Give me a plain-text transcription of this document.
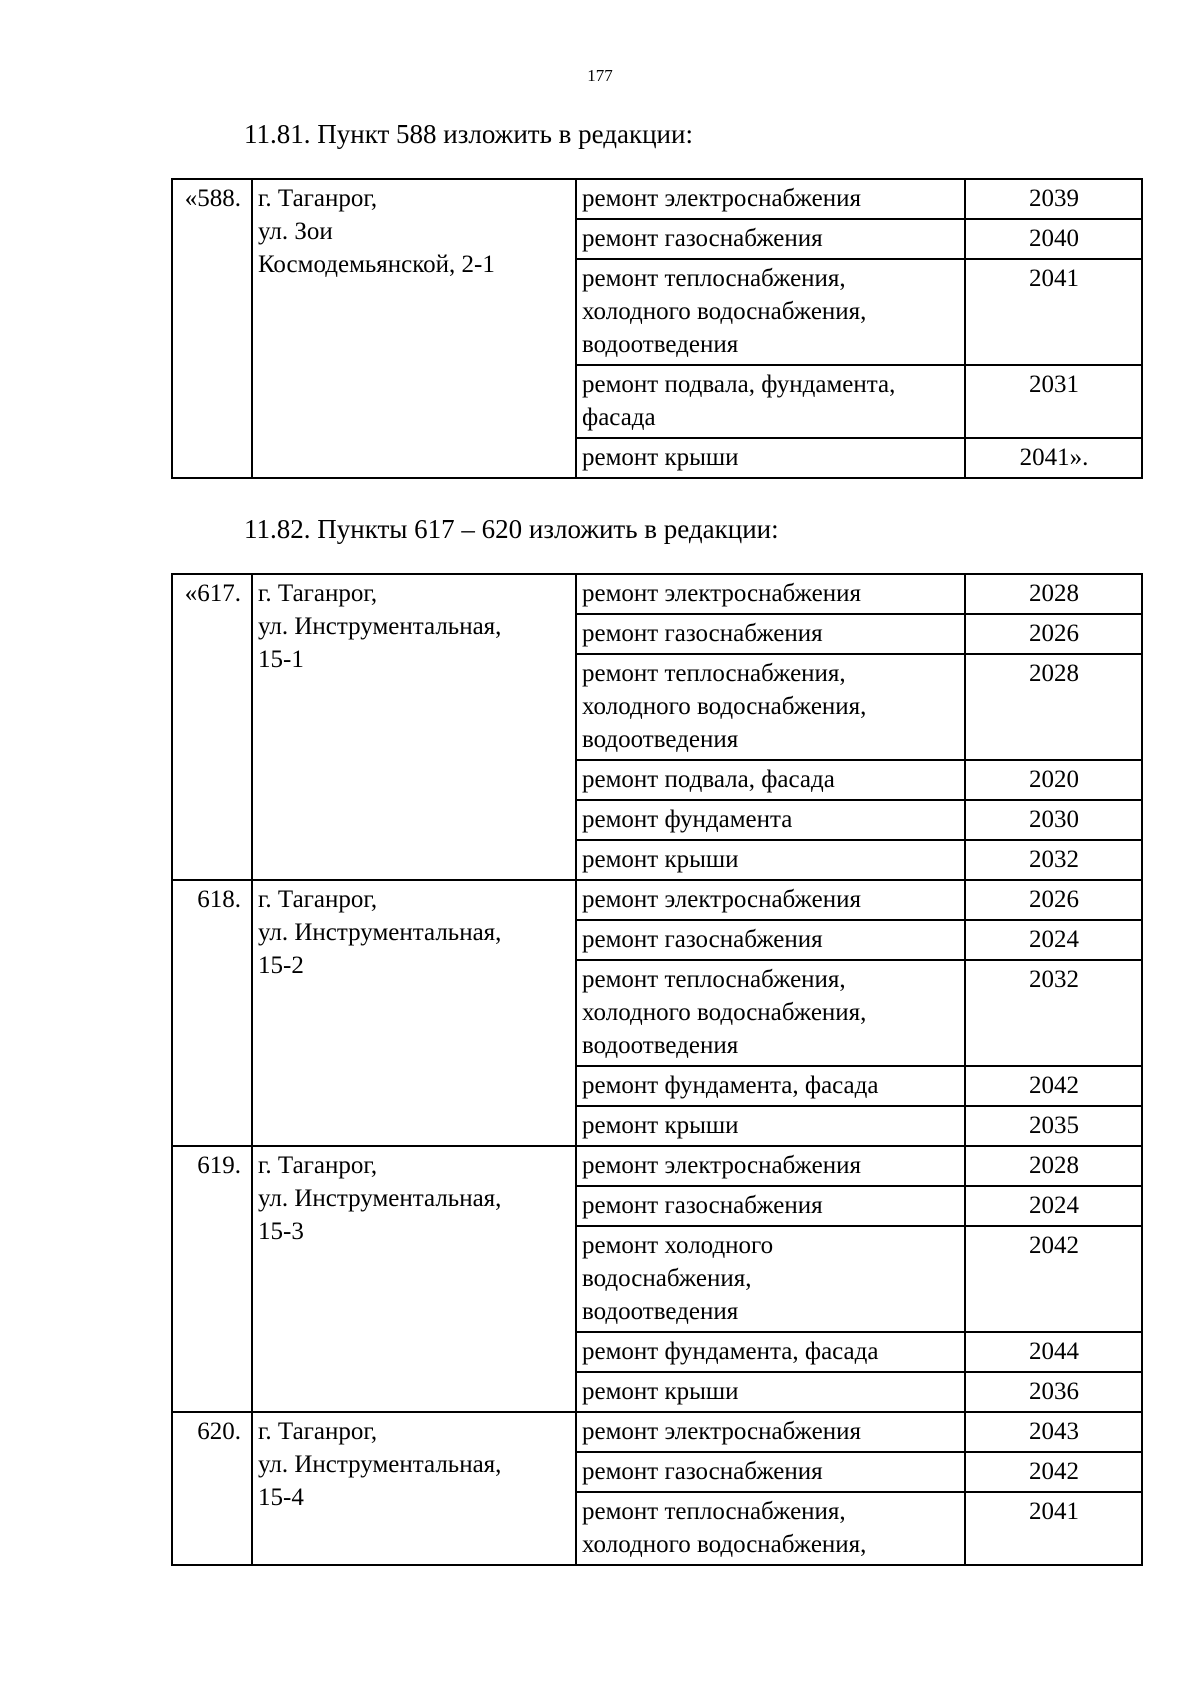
177
11.81. Пункт 588 изложить в редакции:
«588.	г. Таганрог,
ул. Зои
Космодемьянской, 2-1	ремонт электроснабжения	2039
		ремонт газоснабжения	2040
		ремонт теплоснабжения,
холодного водоснабжения,
водоотведения	2041
		ремонт подвала, фундамента,
фасада	2031
		ремонт крыши	2041».
11.82. Пункты 617 – 620 изложить в редакции:
«617.	г. Таганрог,
ул. Инструментальная,
15-1	ремонт электроснабжения	2028
		ремонт газоснабжения	2026
		ремонт теплоснабжения,
холодного водоснабжения,
водоотведения	2028
		ремонт подвала, фасада	2020
		ремонт фундамента	2030
		ремонт крыши	2032
618.	г. Таганрог,
ул. Инструментальная,
15-2	ремонт электроснабжения	2026
		ремонт газоснабжения	2024
		ремонт теплоснабжения,
холодного водоснабжения,
водоотведения	2032
		ремонт фундамента, фасада	2042
		ремонт крыши	2035
619.	г. Таганрог,
ул. Инструментальная,
15-3	ремонт электроснабжения	2028
		ремонт газоснабжения	2024
		ремонт холодного
водоснабжения,
водоотведения	2042
		ремонт фундамента, фасада	2044
		ремонт крыши	2036
620.	г. Таганрог,
ул. Инструментальная,
15-4	ремонт электроснабжения	2043
		ремонт газоснабжения	2042
		ремонт теплоснабжения,
холодного водоснабжения,	2041
